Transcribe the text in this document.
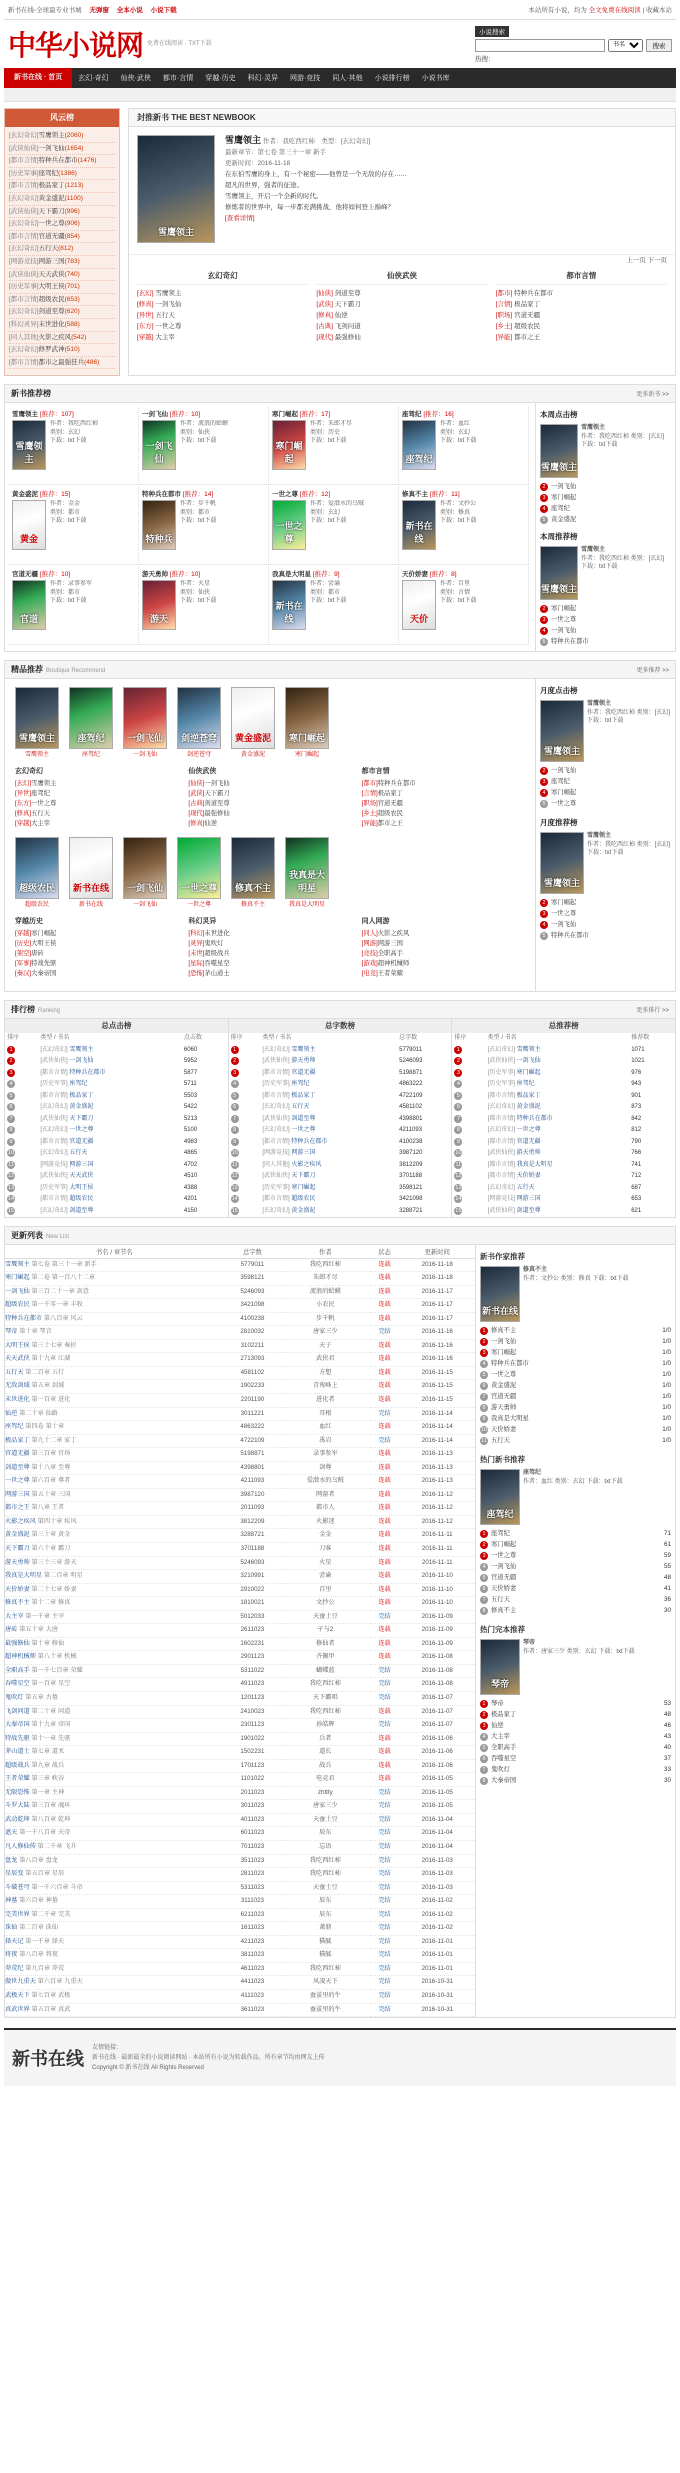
新书在线-全球最专业书城 无弹窗 全本小说 小说下载	本站所有小说，均为 全文免费在线阅读 | 收藏本站
中华小说网 免费在线阅读 · TXT下载
小说搜索
书名
搜索
热搜：
新书在线 · 首页	玄幻·奇幻	仙侠·武侠	都市·言情	穿越·历史	科幻·灵异	网游·竞技	同人·其他	小说排行榜	小说书库
风云榜
[玄幻奇幻]雪鹰领主(2060)
[武侠仙侠]一剑飞仙(1654)
[都市言情]特种兵在都市(1476)
[历史军事]座驾纪(1386)
[都市言情]极品家丁(1213)
[玄幻奇幻]黄金盛泥(1100)
[武侠仙侠]天下霸刀(996)
[玄幻奇幻]一世之尊(906)
[都市言情]官道无疆(854)
[玄幻奇幻]五行天(812)
[网游竞技]网游三国(783)
[武侠仙侠]天天武侠(740)
[历史军事]大明王侯(701)
[都市言情]超级农民(653)
[玄幻奇幻]剑道至尊(620)
[科幻灵异]末世进化(588)
[同人其他]火影之疾风(542)
[玄幻奇幻]修罗武神(510)
[都市言情]都市之最强狂兵(486)
封推新书 THE BEST NEWBOOK
雪鹰领主
雪鹰领主 作者：我吃西红柿　类型：[玄幻奇幻]
最新章节：第七卷 第三十一章 新手
更新时间：2016-11-18
在东伯雪鹰的身上，有一个秘密——他曾是一个无敌的存在……
超凡的世界，强者的征途。
雪鹰领主，开启一个全新的时代。
修炼者的世界中，每一步都充满挑战，他将如何登上巅峰？
[查看详情]
上一页 下一页
玄幻奇幻
[玄幻] 雪鹰领主
[修真] 一剑飞仙
[异世] 五行天
[东方] 一世之尊
[穿越] 大主宰
仙侠武侠
[仙侠] 剑道至尊
[武侠] 天下霸刀
[修真] 仙逆
[古典] 飞剑问道
[现代] 最强修仙
都市言情
[都市] 特种兵在都市
[言情] 极品家丁
[职场] 官道无疆
[乡土] 超级农民
[异能] 都市之王
新书推荐榜	更多新书 >>
雪鹰领主 [推荐：107]
雪鹰领主
作者：我吃西红柿
类别：玄幻
下载：txt下载
一剑飞仙 [推荐：10]
一剑飞仙
作者：流浪的蛤蟆
类别：仙侠
下载：txt下载
寒门崛起 [推荐：17]
寒门崛起
作者：朱郎才尽
类别：历史
下载：txt下载
座驾纪 [推荐：16]
座驾纪
作者：血红
类别：玄幻
下载：txt下载
黄金盛泥 [推荐：15]
黄金
作者：金金
类别：都市
下载：txt下载
特种兵在都市 [推荐：14]
特种兵
作者：步千帆
类别：都市
下载：txt下载
一世之尊 [推荐：12]
一世之尊
作者：爱潜水的乌贼
类别：玄幻
下载：txt下载
修真不主 [推荐：11]
新书在线
作者：文抄公
类别：修真
下载：txt下载
官道无疆 [推荐：10]
官道
作者：录事参军
类别：都市
下载：txt下载
游天勇帅 [推荐：10]
游天
作者：火星
类别：仙侠
下载：txt下载
我真是大明星 [推荐：9]
新书在线
作者：尝谕
类别：都市
下载：txt下载
天价娇妻 [推荐：8]
天价
作者：百里
类别：言情
下载：txt下载
本周点击榜
雪鹰领主
雪鹰领主
作者：我吃西红柿 类别：[玄幻] 下载：txt下载
2 一剑飞仙
3 寒门崛起
4 座驾纪
5 黄金盛泥
本周推荐榜
雪鹰领主
雪鹰领主
作者：我吃西红柿 类别：[玄幻] 下载：txt下载
2 寒门崛起
3 一世之尊
4 一剑飞仙
5 特种兵在都市
精品推荐 Boutique Recommend	更多推荐 >>
雪鹰领主
雪鹰领主
座驾纪	座驾纪
一剑飞仙	一剑飞仙
剑逆苍穹	剑逆苍穹
黄金盛泥	黄金盛泥
寒门崛起	寒门崛起
玄幻奇幻
[玄幻]雪鹰领主
[异世]座驾纪
[东方]一世之尊
[修真]五行天
[穿越]大主宰
仙侠武侠
[仙侠]一剑飞仙
[武侠]天下霸刀
[古典]剑道至尊
[现代]最强修仙
[修真]仙逆
都市言情
[都市]特种兵在都市
[言情]极品家丁
[职场]官道无疆
[乡土]超级农民
[异能]都市之王
超级农民
超级农民
新书在线	新书在线
一剑飞仙	一剑飞仙
一世之尊	一世之尊
修真不主	修真不主
我真是大明星	我真是大明星
穿越历史
[穿越]寒门崛起
[历史]大明王侯
[架空]唐砖
[军事]特战先驱
[秦汉]大秦帝国
科幻灵异
[科幻]末世进化
[灵异]鬼吹灯
[末世]超级战兵
[星际]吞噬星空
[恐怖]茅山道士
同人网游
[同人]火影之疾风
[网游]网游三国
[竞技]全职高手
[游戏]超神机械师
[电竞]王者荣耀
月度点击榜
雪鹰领主
雪鹰领主
作者：我吃西红柿 类别：[玄幻] 下载：txt下载
2 一剑飞仙
3 座驾纪
4 寒门崛起
5 一世之尊
月度推荐榜
雪鹰领主
雪鹰领主
作者：我吃西红柿 类别：[玄幻] 下载：txt下载
2 寒门崛起
3 一世之尊
4 一剑飞仙
5 特种兵在都市
排行榜 Ranking	更多排行 >>
总点击榜
排序	类型 / 书名	点击数
1	[玄幻奇幻] 雪鹰领主	6060
2	[武侠仙侠] 一剑飞仙	5952
3	[都市言情] 特种兵在都市	5877
4	[历史军事] 座驾纪	5711
5	[都市言情] 极品家丁	5503
6	[玄幻奇幻] 黄金盛泥	5422
7	[武侠仙侠] 天下霸刀	5213
8	[玄幻奇幻] 一世之尊	5100
9	[都市言情] 官道无疆	4983
10	[玄幻奇幻] 五行天	4865
11	[网游竞技] 网游三国	4702
12	[武侠仙侠] 天天武侠	4510
13	[历史军事] 大明王侯	4388
14	[都市言情] 超级农民	4201
15	[玄幻奇幻] 剑道至尊	4150
总字数榜
排序	类型 / 书名	总字数
1	[玄幻奇幻] 雪鹰领主	5779011
2	[武侠仙侠] 游天勇帅	5246093
3	[都市言情] 官道无疆	5198871
4	[历史军事] 座驾纪	4863222
5	[都市言情] 极品家丁	4722109
6	[玄幻奇幻] 五行天	4581102
7	[武侠仙侠] 剑道至尊	4398801
8	[玄幻奇幻] 一世之尊	4211093
9	[都市言情] 特种兵在都市	4100238
10	[网游竞技] 网游三国	3987120
11	[同人其他] 火影之疾风	3812209
12	[武侠仙侠] 天下霸刀	3701188
13	[历史军事] 寒门崛起	3598121
14	[都市言情] 超级农民	3421098
15	[玄幻奇幻] 黄金盛泥	3288721
总推荐榜
排序	类型 / 书名	推荐数
1	[玄幻奇幻] 雪鹰领主	1071
2	[武侠仙侠] 一剑飞仙	1021
3	[历史军事] 寒门崛起	976
4	[历史军事] 座驾纪	943
5	[都市言情] 极品家丁	901
6	[玄幻奇幻] 黄金盛泥	873
7	[都市言情] 特种兵在都市	842
8	[玄幻奇幻] 一世之尊	812
9	[都市言情] 官道无疆	790
10	[武侠仙侠] 游天勇帅	766
11	[都市言情] 我真是大明星	741
12	[都市言情] 天价娇妻	712
13	[玄幻奇幻] 五行天	687
14	[网游竞技] 网游三国	653
15	[武侠仙侠] 剑道至尊	621
更新列表 New List
书名 / 章节名	总字数	作者	状态	更新时间
雪鹰领主 第七卷 第三十一章 新手	5779011	我吃西红柿	连载	2016-11-18
寒门崛起 第二卷 第一百八十二章	3598121	朱郎才尽	连载	2016-11-18
一剑飞仙 第三百二十一章 剑意	5246093	流浪的蛤蟆	连载	2016-11-17
超级农民 第一千零一章 丰收	3421098	小农民	连载	2016-11-17
特种兵在都市 第八百章 风云	4100238	步千帆	连载	2016-11-17
琴帝 第十章 琴音	2810032	唐家三少	完结	2016-11-16
大明王侯 第三十七章 奏折	3102211	天子	连载	2016-11-16
天天武侠 第十九章 江湖	2713093	武侠君	连载	2016-11-16
五行天 第二百章 五行	4581102	方想	连载	2016-11-15
无敌剑域 第五章 剑域	1902233	青鸾峰上	连载	2016-11-15
末世进化 第一百章 进化	2201190	进化者	连载	2016-11-15
仙逆 第二十章 仙路	3011221	耳根	完结	2016-11-14
座驾纪 第四卷 第十章	4863222	血红	连载	2016-11-14
极品家丁 第九十二章 家丁	4722109	禹岩	完结	2016-11-14
官道无疆 第三百章 官场	5198871	录事参军	连载	2016-11-13
剑道至尊 第十八章 至尊	4398801	剑尊	连载	2016-11-13
一世之尊 第六百章 尊者	4211093	爱潜水的乌贼	连载	2016-11-13
网游三国 第五十章 三国	3987120	网游者	连载	2016-11-12
都市之王 第八章 王者	2011093	都市人	连载	2016-11-12
火影之疾风 第四十章 疾风	3812209	火影迷	连载	2016-11-12
黄金盛泥 第三十章 黄金	3288721	金金	连载	2016-11-11
天下霸刀 第六十章 霸刀	3701188	刀客	连载	2016-11-11
游天勇帅 第三十三章 游天	5246093	火星	连载	2016-11-11
我真是大明星 第二百章 明星	3210991	尝谕	连载	2016-11-10
天价娇妻 第二十七章 娇妻	2910022	百里	连载	2016-11-10
修真不主 第十二章 修真	1810021	文抄公	连载	2016-11-10
大主宰 第一千章 主宰	5012033	天蚕土豆	完结	2016-11-09
唐砖 第五十章 大唐	2611023	孑与2	连载	2016-11-09
最强修仙 第十章 修仙	1602231	修仙者	连载	2016-11-09
超神机械师 第八十章 机械	2901123	齐佩甲	连载	2016-11-08
全职高手 第一千七百章 荣耀	5311022	蝴蝶蓝	完结	2016-11-08
吞噬星空 第一百章 星空	4911023	我吃西红柿	完结	2016-11-08
鬼吹灯 第五章 古墓	1201123	天下霸唱	完结	2016-11-07
飞剑问道 第二十章 问道	2410023	我吃西红柿	连载	2016-11-07
大秦帝国 第十九章 帝国	2301123	孙皓晖	完结	2016-11-07
特战先驱 第十一章 先驱	1901022	兵者	连载	2016-11-06
茅山道士 第七章 道术	1502231	道长	连载	2016-11-06
超级战兵 第九章 战兵	1701123	战兵	连载	2016-11-06
王者荣耀 第三章 峡谷	1101022	电竞君	连载	2016-11-05
无限恐怖 第一章 主神	2011023	zhttty	完结	2016-11-05
斗罗大陆 第三百章 魂环	3011023	唐家三少	完结	2016-11-05
武动乾坤 第八百章 乾坤	4011023	天蚕土豆	完结	2016-11-04
遮天 第一千八百章 天帝	6011023	辰东	完结	2016-11-04
凡人修仙传 第二千章 飞升	7011023	忘语	完结	2016-11-04
盘龙 第八百章 盘龙	3511023	我吃西红柿	完结	2016-11-03
星辰变 第五百章 星辰	2811023	我吃西红柿	完结	2016-11-03
斗破苍穹 第一千六百章 斗帝	5311023	天蚕土豆	完结	2016-11-03
神墓 第六百章 神墓	3111023	辰东	完结	2016-11-02
完美世界 第二千章 完美	6211023	辰东	完结	2016-11-02
诛仙 第二百章 诛仙	1611023	萧鼎	完结	2016-11-02
择天记 第一千章 择天	4211023	猫腻	完结	2016-11-01
将夜 第八百章 将夜	3811023	猫腻	完结	2016-11-01
莽荒纪 第九百章 莽荒	4611023	我吃西红柿	完结	2016-11-01
傲世九重天 第六百章 九重天	4411023	风凌天下	完结	2016-10-31
武极天下 第七百章 武极	4111023	蚕茧里的牛	完结	2016-10-31
真武世界 第五百章 真武	3611023	蚕茧里的牛	完结	2016-10-31
新书作家推荐
新书在线
修真不主
作者：文抄公 类别：修真 下载：txt下载
1 修真不主	1/0
2 一剑飞仙	1/0
3 寒门崛起	1/0
4 特种兵在都市	1/0
5 一世之尊	1/0
6 黄金盛泥	1/0
7 官道无疆	1/0
8 游天勇帅	1/0
9 我真是大明星	1/0
10 天价娇妻	1/0
11 五行天	1/0
热门新书推荐
座驾纪
座驾纪
作者：血红 类别：玄幻 下载：txt下载
1 座驾纪	71
2 寒门崛起	61
3 一世之尊	59
4 一剑飞仙	55
5 官道无疆	48
6 天价娇妻	41
7 五行天	36
8 修真不主	30
热门完本推荐
琴帝
琴帝
作者：唐家三少 类别：玄幻 下载：txt下载
1 琴帝	53
2 极品家丁	48
3 仙逆	46
4 大主宰	43
5 全职高手	40
6 吞噬星空	37
7 鬼吹灯	33
8 大秦帝国	30
新书在线
友情链接：
新书在线 · 最新最全的小说阅读网站 · 本站所有小说为转载作品，所有章节均由网友上传
Copyright © 新书在线 All Rights Reserved
